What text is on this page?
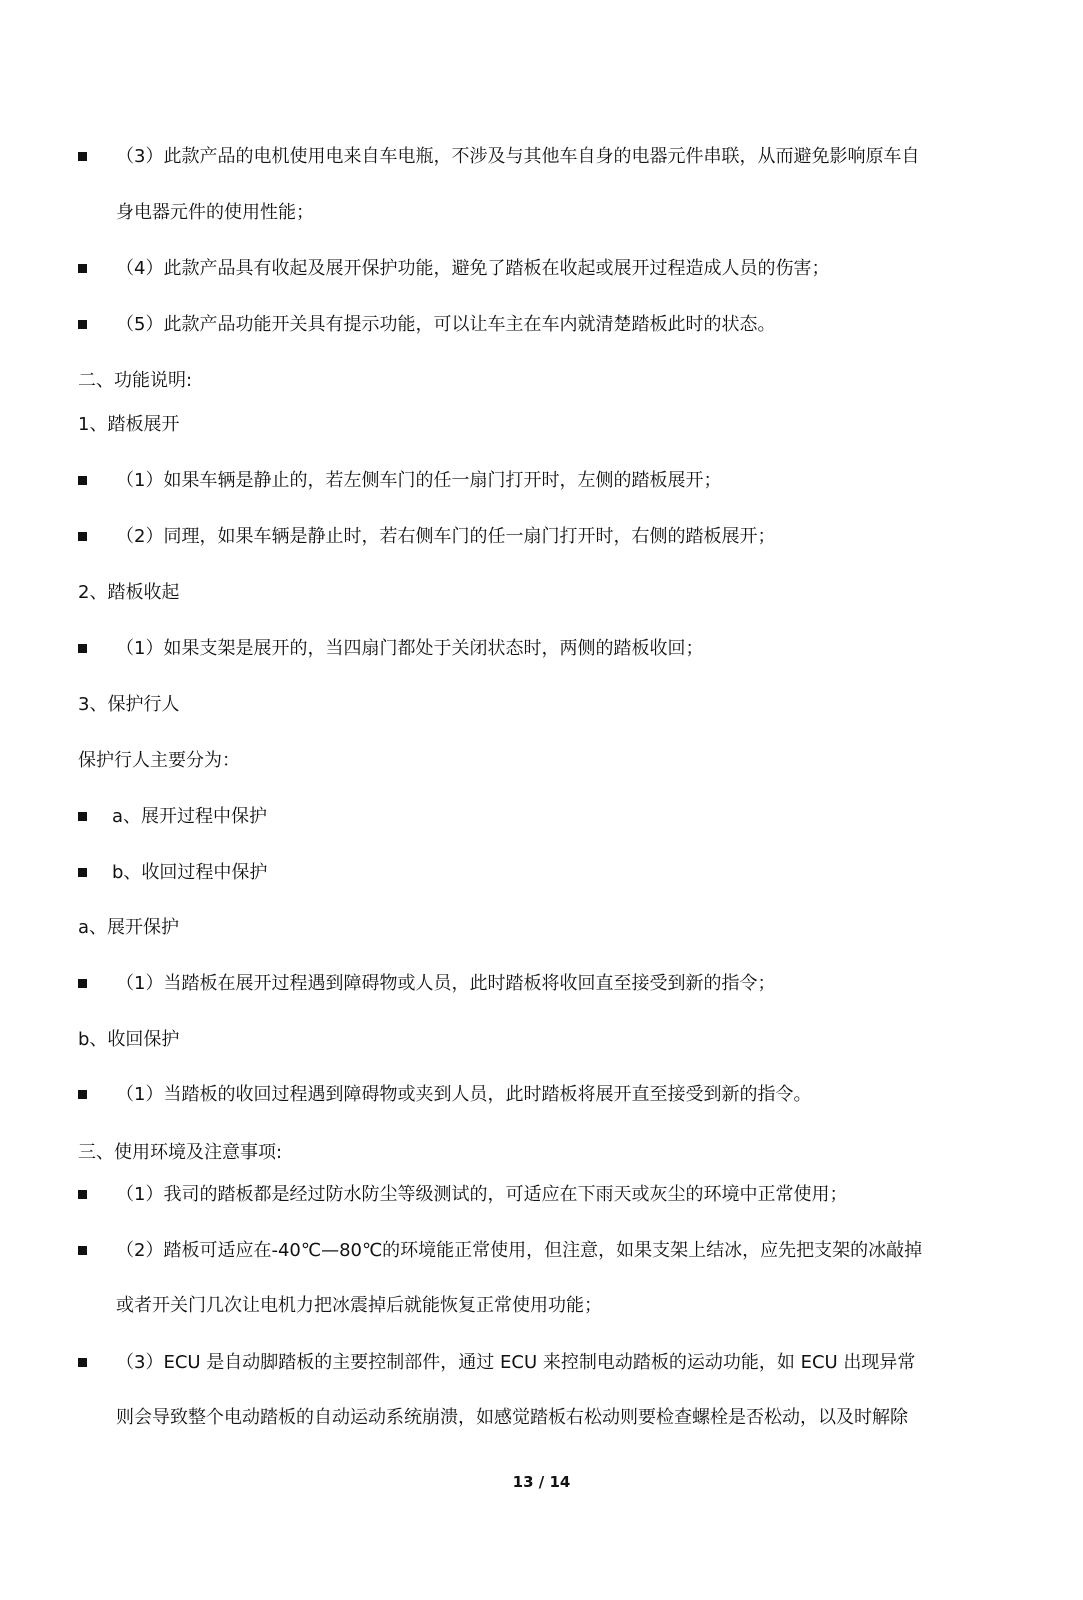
（3）此款产品的电机使用电来自车电瓶，不涉及与其他车自身的电器元件串联，从而避免影响原车自
身电器元件的使用性能；
（4）此款产品具有收起及展开保护功能，避免了踏板在收起或展开过程造成人员的伤害；
（5）此款产品功能开关具有提示功能，可以让车主在车内就清楚踏板此时的状态。
二、功能说明:
1、踏板展开
（1）如果车辆是静止的，若左侧车门的任一扇门打开时，左侧的踏板展开；
（2）同理，如果车辆是静止时，若右侧车门的任一扇门打开时，右侧的踏板展开；
2、踏板收起
（1）如果支架是展开的，当四扇门都处于关闭状态时，两侧的踏板收回；
3、保护行人
保护行人主要分为：
a、展开过程中保护
b、收回过程中保护
a、展开保护
（1）当踏板在展开过程遇到障碍物或人员，此时踏板将收回直至接受到新的指令；
b、收回保护
（1）当踏板的收回过程遇到障碍物或夹到人员，此时踏板将展开直至接受到新的指令。
三、使用环境及注意事项:
（1）我司的踏板都是经过防水防尘等级测试的，可适应在下雨天或灰尘的环境中正常使用；
（2）踏板可适应在-40℃—80℃的环境能正常使用，但注意，如果支架上结冰，应先把支架的冰敲掉
或者开关门几次让电机力把冰震掉后就能恢复正常使用功能；
（3）ECU 是自动脚踏板的主要控制部件，通过 ECU 来控制电动踏板的运动功能，如 ECU 出现异常
则会导致整个电动踏板的自动运动系统崩溃，如感觉踏板右松动则要检查螺栓是否松动，以及时解除
13 / 14
